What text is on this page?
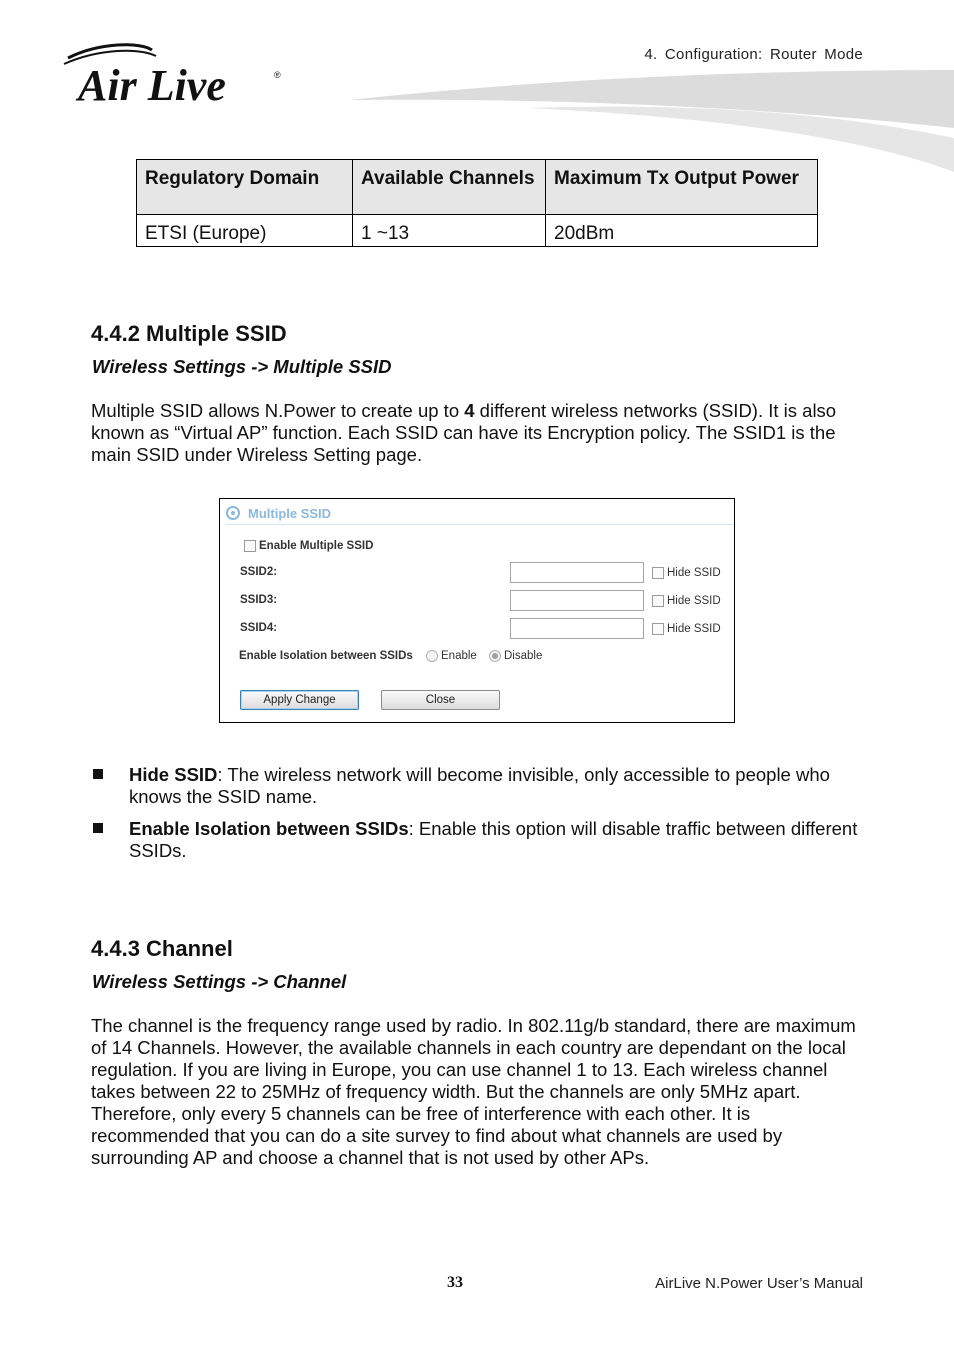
4. Configuration: Router Mode
Air Live	®
Regulatory Domain	Available Channels	Maximum Tx Output Power
ETSI (Europe)	1 ~13	20dBm
4.4.2 Multiple SSID
Wireless Settings -> Multiple SSID
Multiple SSID allows N.Power to create up to 4 different wireless networks (SSID). It is also known as “Virtual AP” function. Each SSID can have its Encryption policy. The SSID1 is the main SSID under Wireless Setting page.
Multiple SSID
Enable Multiple SSID
SSID2:	Hide SSID
SSID3:	Hide SSID
SSID4:	Hide SSID
Enable Isolation between SSIDs Enable Disable
Apply Change	Close
Hide SSID: The wireless network will become invisible, only accessible to people who knows the SSID name.
Enable Isolation between SSIDs: Enable this option will disable traffic between different SSIDs.
4.4.3 Channel
Wireless Settings -> Channel
The channel is the frequency range used by radio. In 802.11g/b standard, there are maximum of 14 Channels. However, the available channels in each country are dependant on the local regulation. If you are living in Europe, you can use channel 1 to 13. Each wireless channel takes between 22 to 25MHz of frequency width. But the channels are only 5MHz apart. Therefore, only every 5 channels can be free of interference with each other. It is recommended that you can do a site survey to find about what channels are used by surrounding AP and choose a channel that is not used by other APs.
33	AirLive N.Power User’s Manual
